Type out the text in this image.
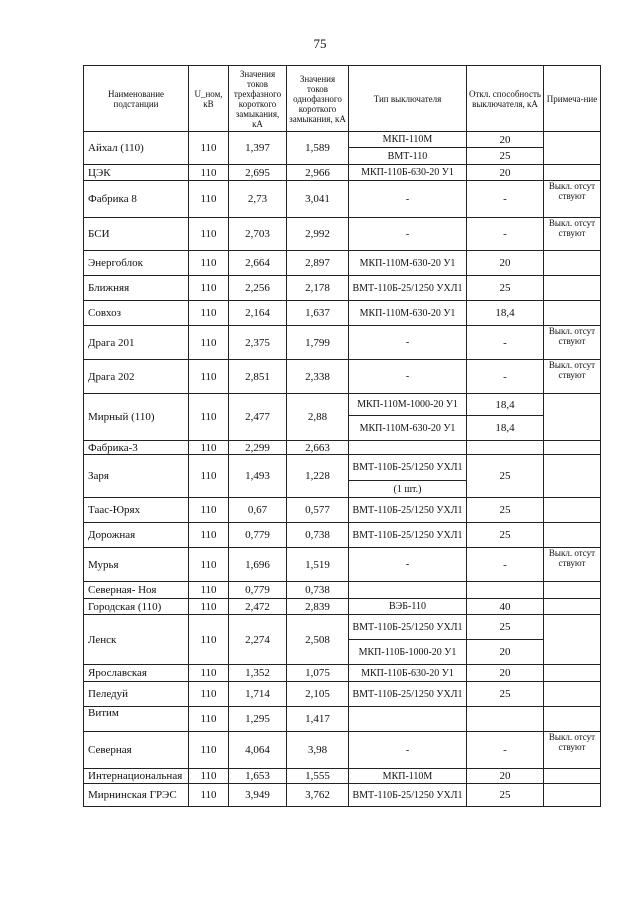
75
Наименование подстанции	U_ном, кВ	Значения токов трехфазного короткого замыкания, кА	Значения токов однофазного короткого замыкания, кА	Тип выключателя	Откл. способность выключателя, кА	Примеча-ние
Айхал (110)	110	1,397	1,589	МКП-110М	20	
				ВМТ-110	25	
ЦЭК	110	2,695	2,966	МКП-110Б-630-20 У1	20	
Фабрика 8	110	2,73	3,041	-	-	Выкл. отсут ствуют
БСИ	110	2,703	2,992	-	-	Выкл. отсут ствуют
Энергоблок	110	2,664	2,897	МКП-110М-630-20 У1	20	
Ближняя	110	2,256	2,178	ВМТ-110Б-25/1250 УХЛ1	25	
Совхоз	110	2,164	1,637	МКП-110М-630-20 У1	18,4	
Драга 201	110	2,375	1,799	-	-	Выкл. отсут ствуют
Драга 202	110	2,851	2,338	-	-	Выкл. отсут ствуют
Мирный (110)	110	2,477	2,88	МКП-110М-1000-20 У1	18,4	
				МКП-110М-630-20 У1	18,4	
Фабрика-3	110	2,299	2,663			
Заря	110	1,493	1,228	ВМТ-110Б-25/1250 УХЛ1	25	
				(1 шт.)		
Таас-Юрях	110	0,67	0,577	ВМТ-110Б-25/1250 УХЛ1	25	
Дорожная	110	0,779	0,738	ВМТ-110Б-25/1250 УХЛ1	25	
Мурья	110	1,696	1,519	-	-	Выкл. отсут ствуют
Северная- Ноя	110	0,779	0,738			
Городская (110)	110	2,472	2,839	ВЭБ-110	40	
Ленск	110	2,274	2,508	ВМТ-110Б-25/1250 УХЛ1	25	
				МКП-110Б-1000-20 У1	20	
Ярославская	110	1,352	1,075	МКП-110Б-630-20 У1	20	
Пеледуй	110	1,714	2,105	ВМТ-110Б-25/1250 УХЛ1	25	
Витим	110	1,295	1,417			
Северная	110	4,064	3,98	-	-	Выкл. отсут ствуют
Интернациональная	110	1,653	1,555	МКП-110М	20	
Мирнинская ГРЭС	110	3,949	3,762	ВМТ-110Б-25/1250 УХЛ1	25	
